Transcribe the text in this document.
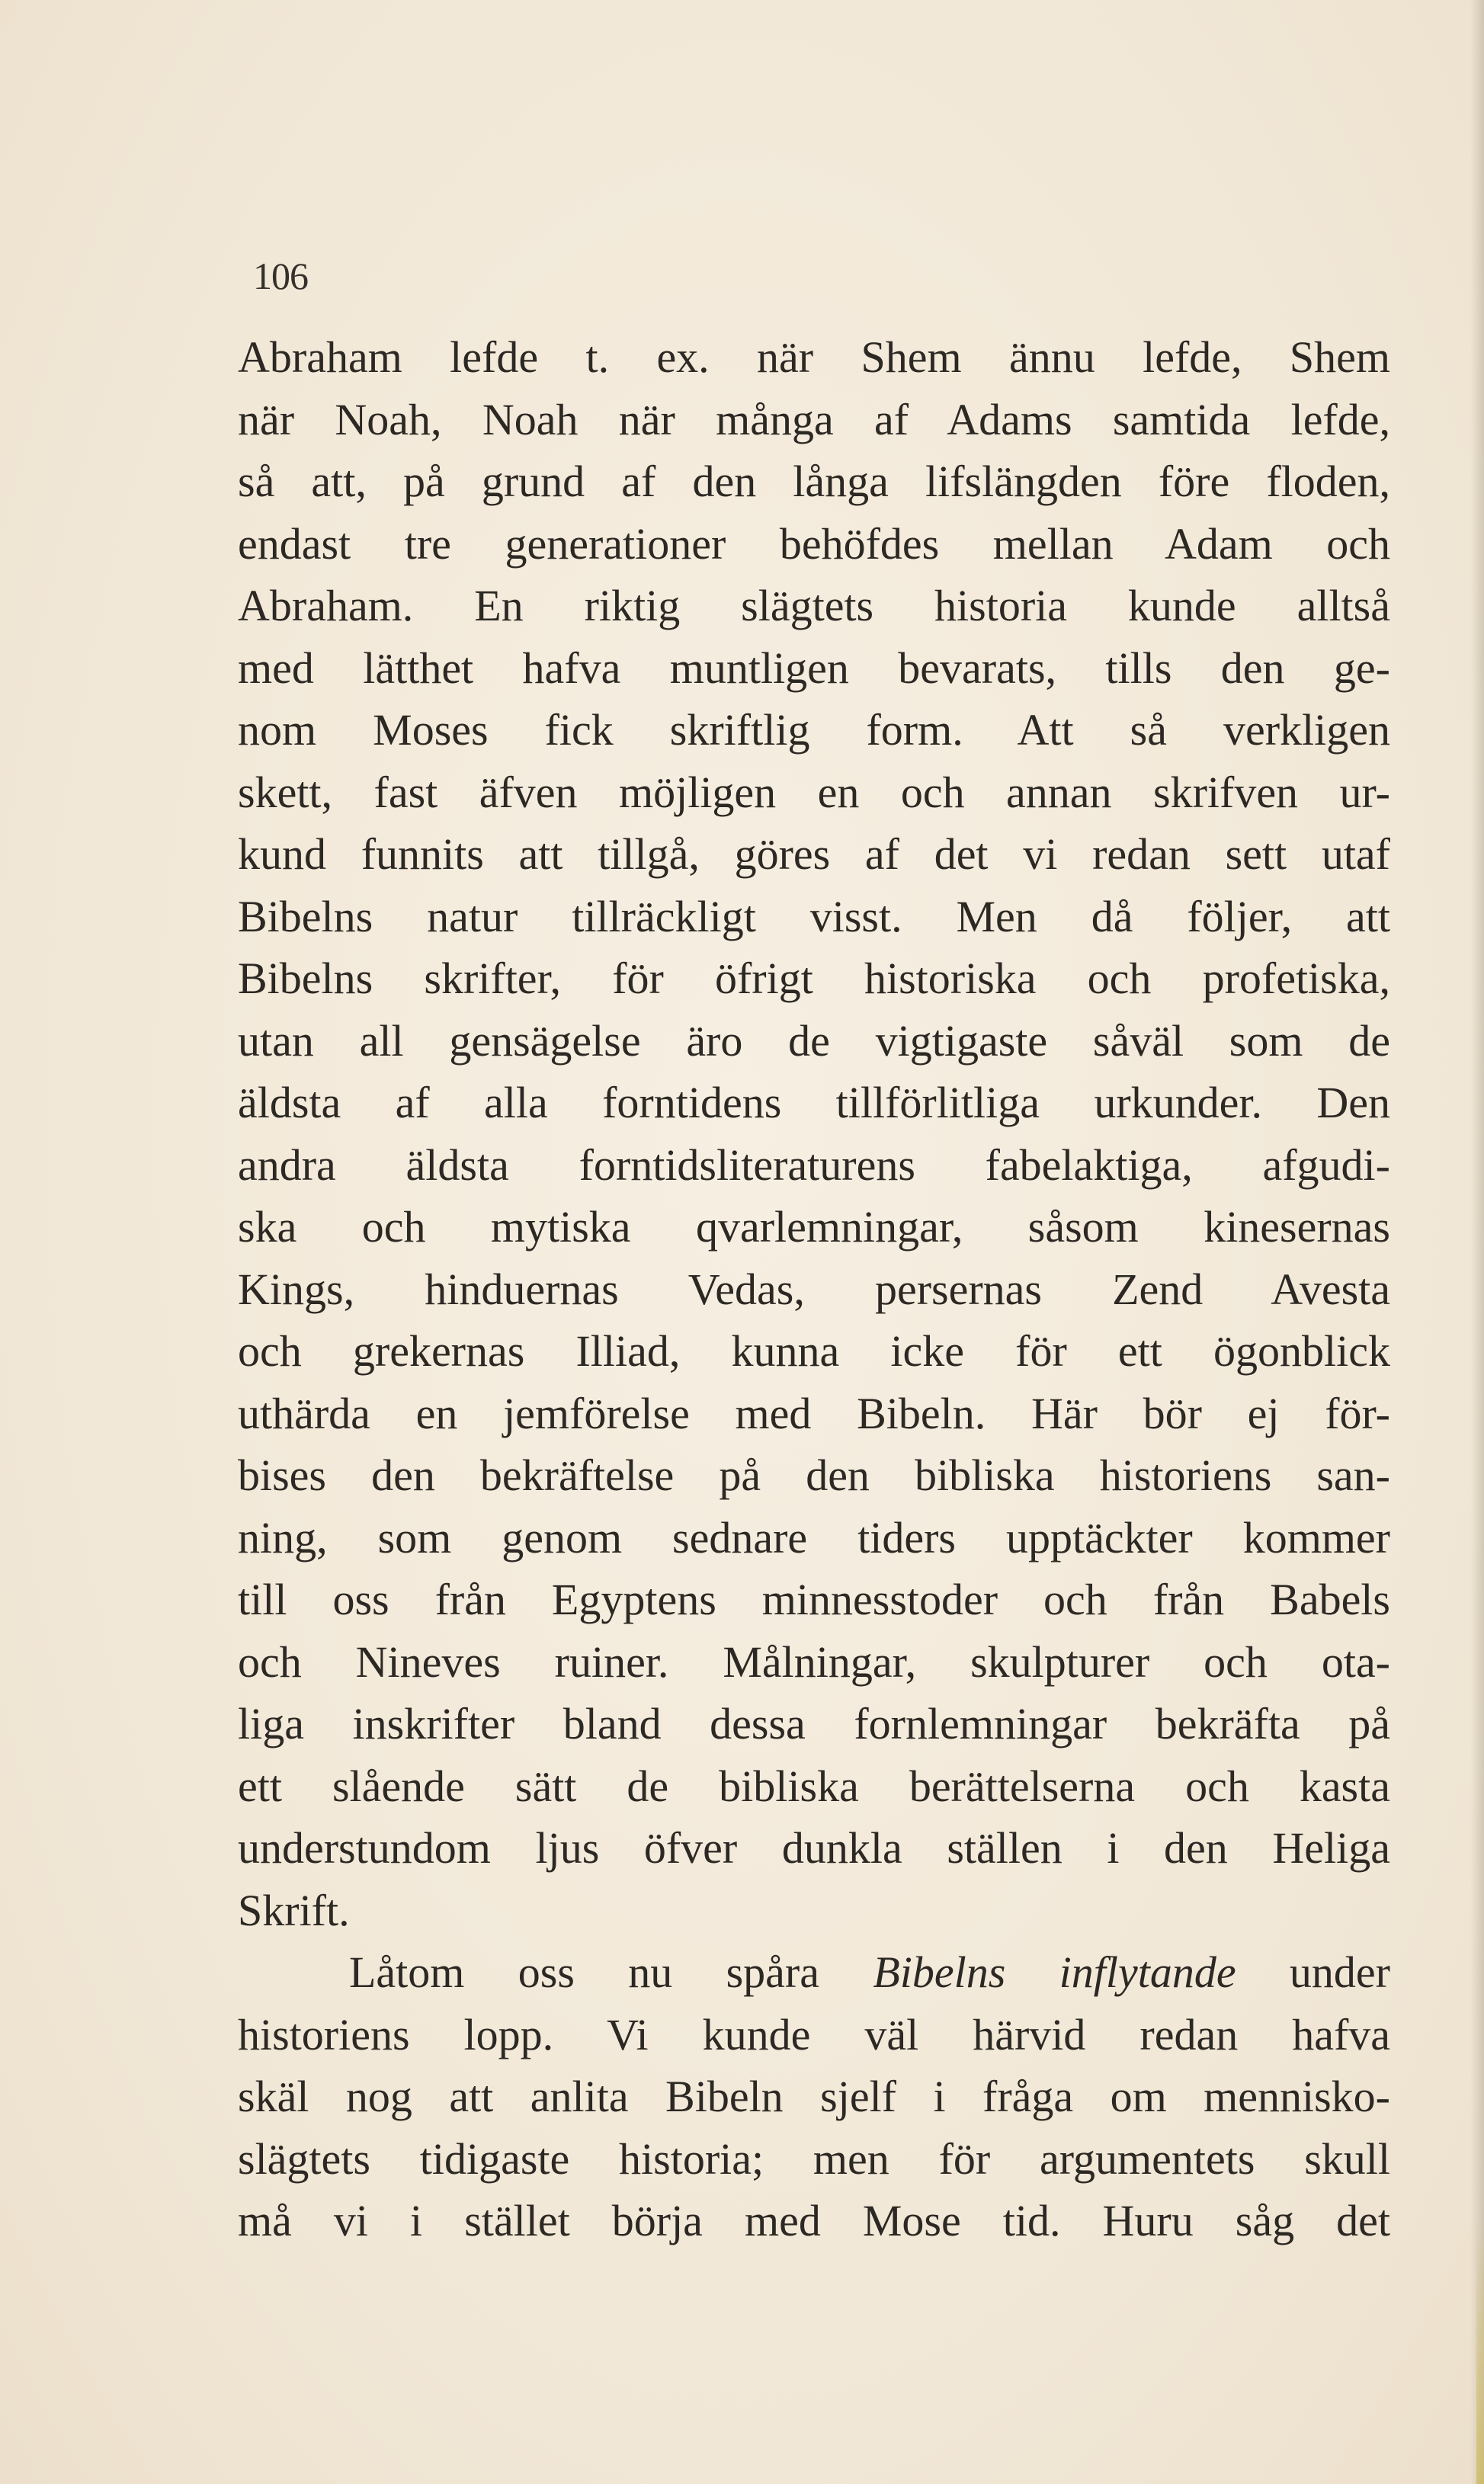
106
Abraham lefde t. ex. när Shem ännu lefde, Shem
när Noah, Noah när många af Adams samtida lefde,
så att, på grund af den långa lifslängden före floden,
endast tre generationer behöfdes mellan Adam och
Abraham. En riktig slägtets historia kunde alltså
med lätthet hafva muntligen bevarats, tills den ge-
nom Moses fick skriftlig form. Att så verkligen
skett, fast äfven möjligen en och annan skrifven ur-
kund funnits att tillgå, göres af det vi redan sett utaf
Bibelns natur tillräckligt visst. Men då följer, att
Bibelns skrifter, för öfrigt historiska och profetiska,
utan all gensägelse äro de vigtigaste såväl som de
äldsta af alla forntidens tillförlitliga urkunder. Den
andra äldsta forntidsliteraturens fabelaktiga, afgudi-
ska och mytiska qvarlemningar, såsom kinesernas
Kings, hinduernas Vedas, persernas Zend Avesta
och grekernas Illiad, kunna icke för ett ögonblick
uthärda en jemförelse med Bibeln. Här bör ej för-
bises den bekräftelse på den bibliska historiens san-
ning, som genom sednare tiders upptäckter kommer
till oss från Egyptens minnesstoder och från Babels
och Nineves ruiner. Målningar, skulpturer och ota-
liga inskrifter bland dessa fornlemningar bekräfta på
ett slående sätt de bibliska berättelserna och kasta
understundom ljus öfver dunkla ställen i den Heliga
Skrift.
Låtom oss nu spåra Bibelns inflytande under
historiens lopp. Vi kunde väl härvid redan hafva
skäl nog att anlita Bibeln sjelf i fråga om mennisko-
slägtets tidigaste historia; men för argumentets skull
må vi i stället börja med Mose tid. Huru såg det
